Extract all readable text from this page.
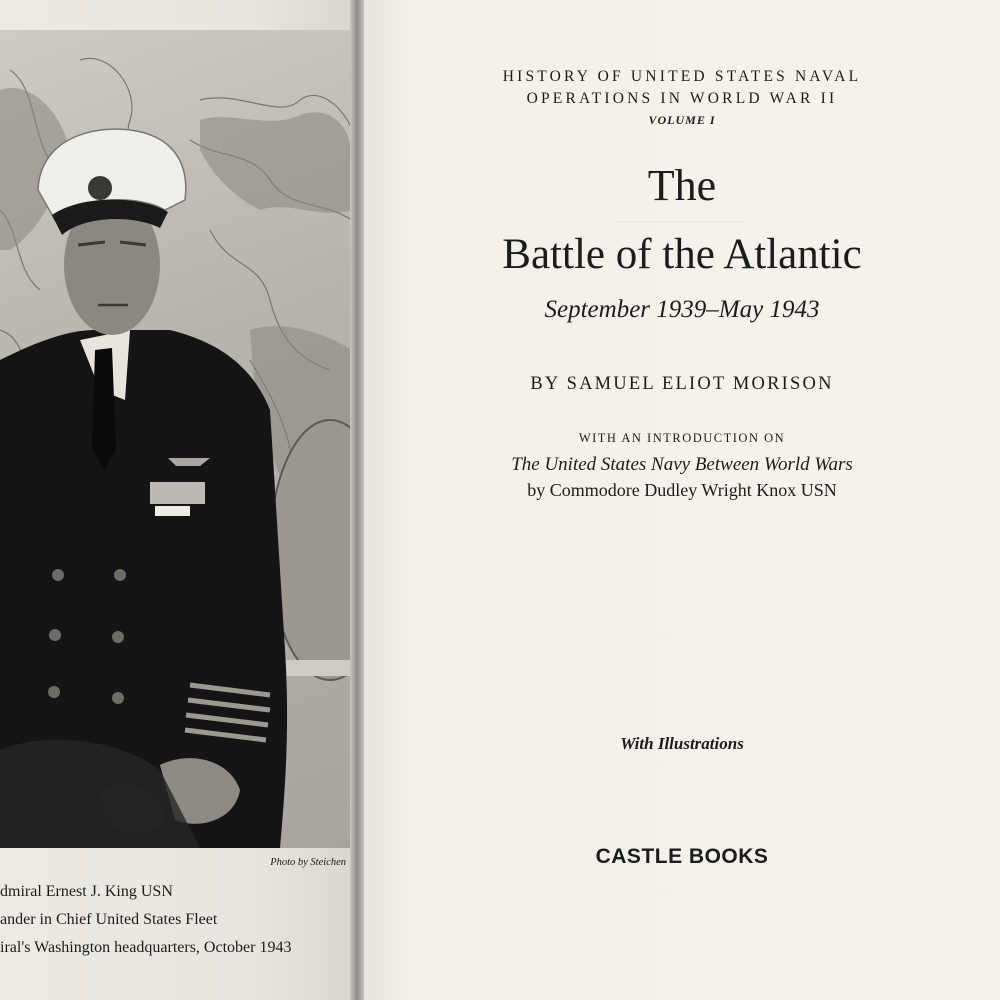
Photo by Steichen
dmiral Ernest J. King USN
ander in Chief United States Fleet
iral's Washington headquarters, October 1943
~~~~~~~~~~~~~~~~~~~~
HISTORY OF UNITED STATES NAVAL
OPERATIONS IN WORLD WAR II
VOLUME I
The
Battle of the Atlantic
September 1939–May 1943
BY SAMUEL ELIOT MORISON
WITH AN INTRODUCTION ON
The United States Navy Between World Wars
by Commodore Dudley Wright Knox USN
With Illustrations
CASTLE BOOKS
